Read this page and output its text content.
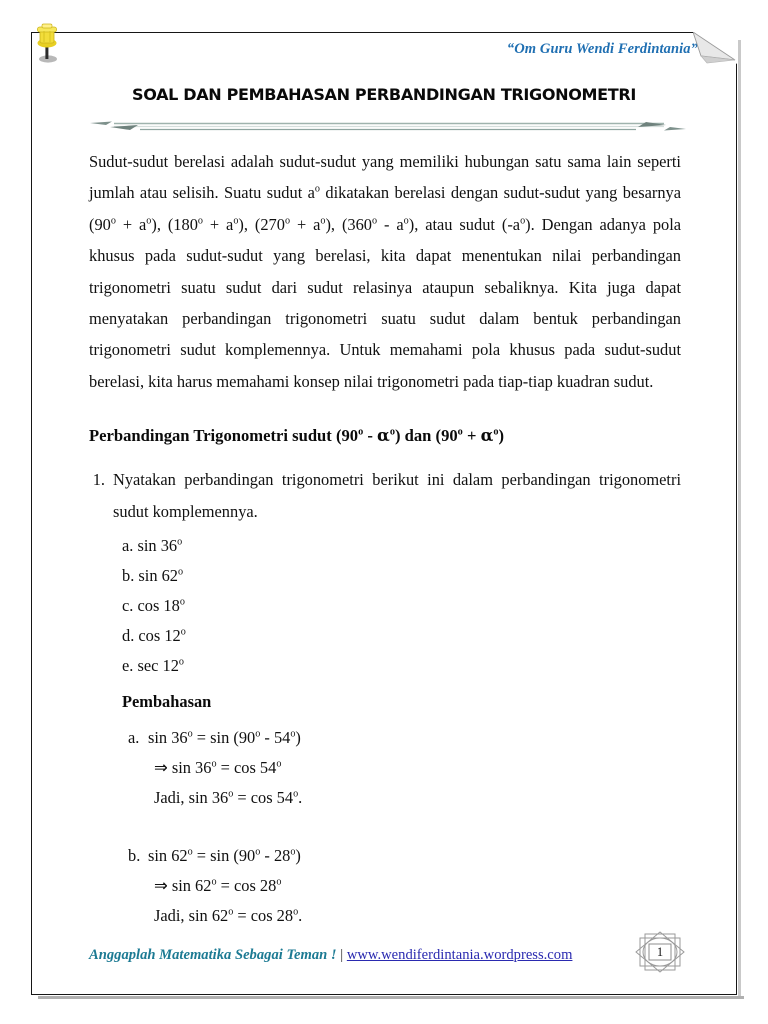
“Om Guru Wendi Ferdintania”
SOAL DAN PEMBAHASAN PERBANDINGAN TRIGONOMETRI

Sudut-sudut berelasi adalah sudut-sudut yang memiliki hubungan satu sama lain seperti jumlah atau selisih. Suatu sudut $a^o$ dikatakan berelasi dengan sudut-sudut yang besarnya $(90^o + a^o)$, $(180^o + a^o)$, $(270^o + a^o)$, $(360^o - a^o)$, atau sudut $(-a^o)$. Dengan adanya pola khusus pada sudut-sudut yang berelasi, kita dapat menentukan nilai perbandingan trigonometri suatu sudut dari sudut relasinya ataupun sebaliknya. Kita juga dapat menyatakan perbandingan trigonometri suatu sudut dalam bentuk perbandingan trigonometri sudut komplemennya. Untuk memahami pola khusus pada sudut-sudut berelasi, kita harus memahami konsep nilai trigonometri pada tiap-tiap kuadran sudut.

Perbandingan Trigonometri sudut $(90^o - \alpha^o)$ dan $(90^o + \alpha^o)$
1. Nyatakan perbandingan trigonometri berikut ini dalam perbandingan trigonometri sudut komplemennya.
a. sin 36$^o$
b. sin 62$^o$
c. cos 18$^o$
d. cos 12$^o$
e. sec 12$^o$
Pembahasan
a. $\sin 36^o = \sin (90^o - 54^o)$
⇒ $\sin 36^o = \cos 54^o$
Jadi, $\sin 36^o = \cos 54^o$.
b. $\sin 62^o = \sin (90^o - 28^o)$
⇒ $\sin 62^o = \cos 28^o$
Jadi, $\sin 62^o = \cos 28^o$.
Anggaplah Matematika Sebagai Teman ! | www.wendiferdintania.wordpress.com	1
